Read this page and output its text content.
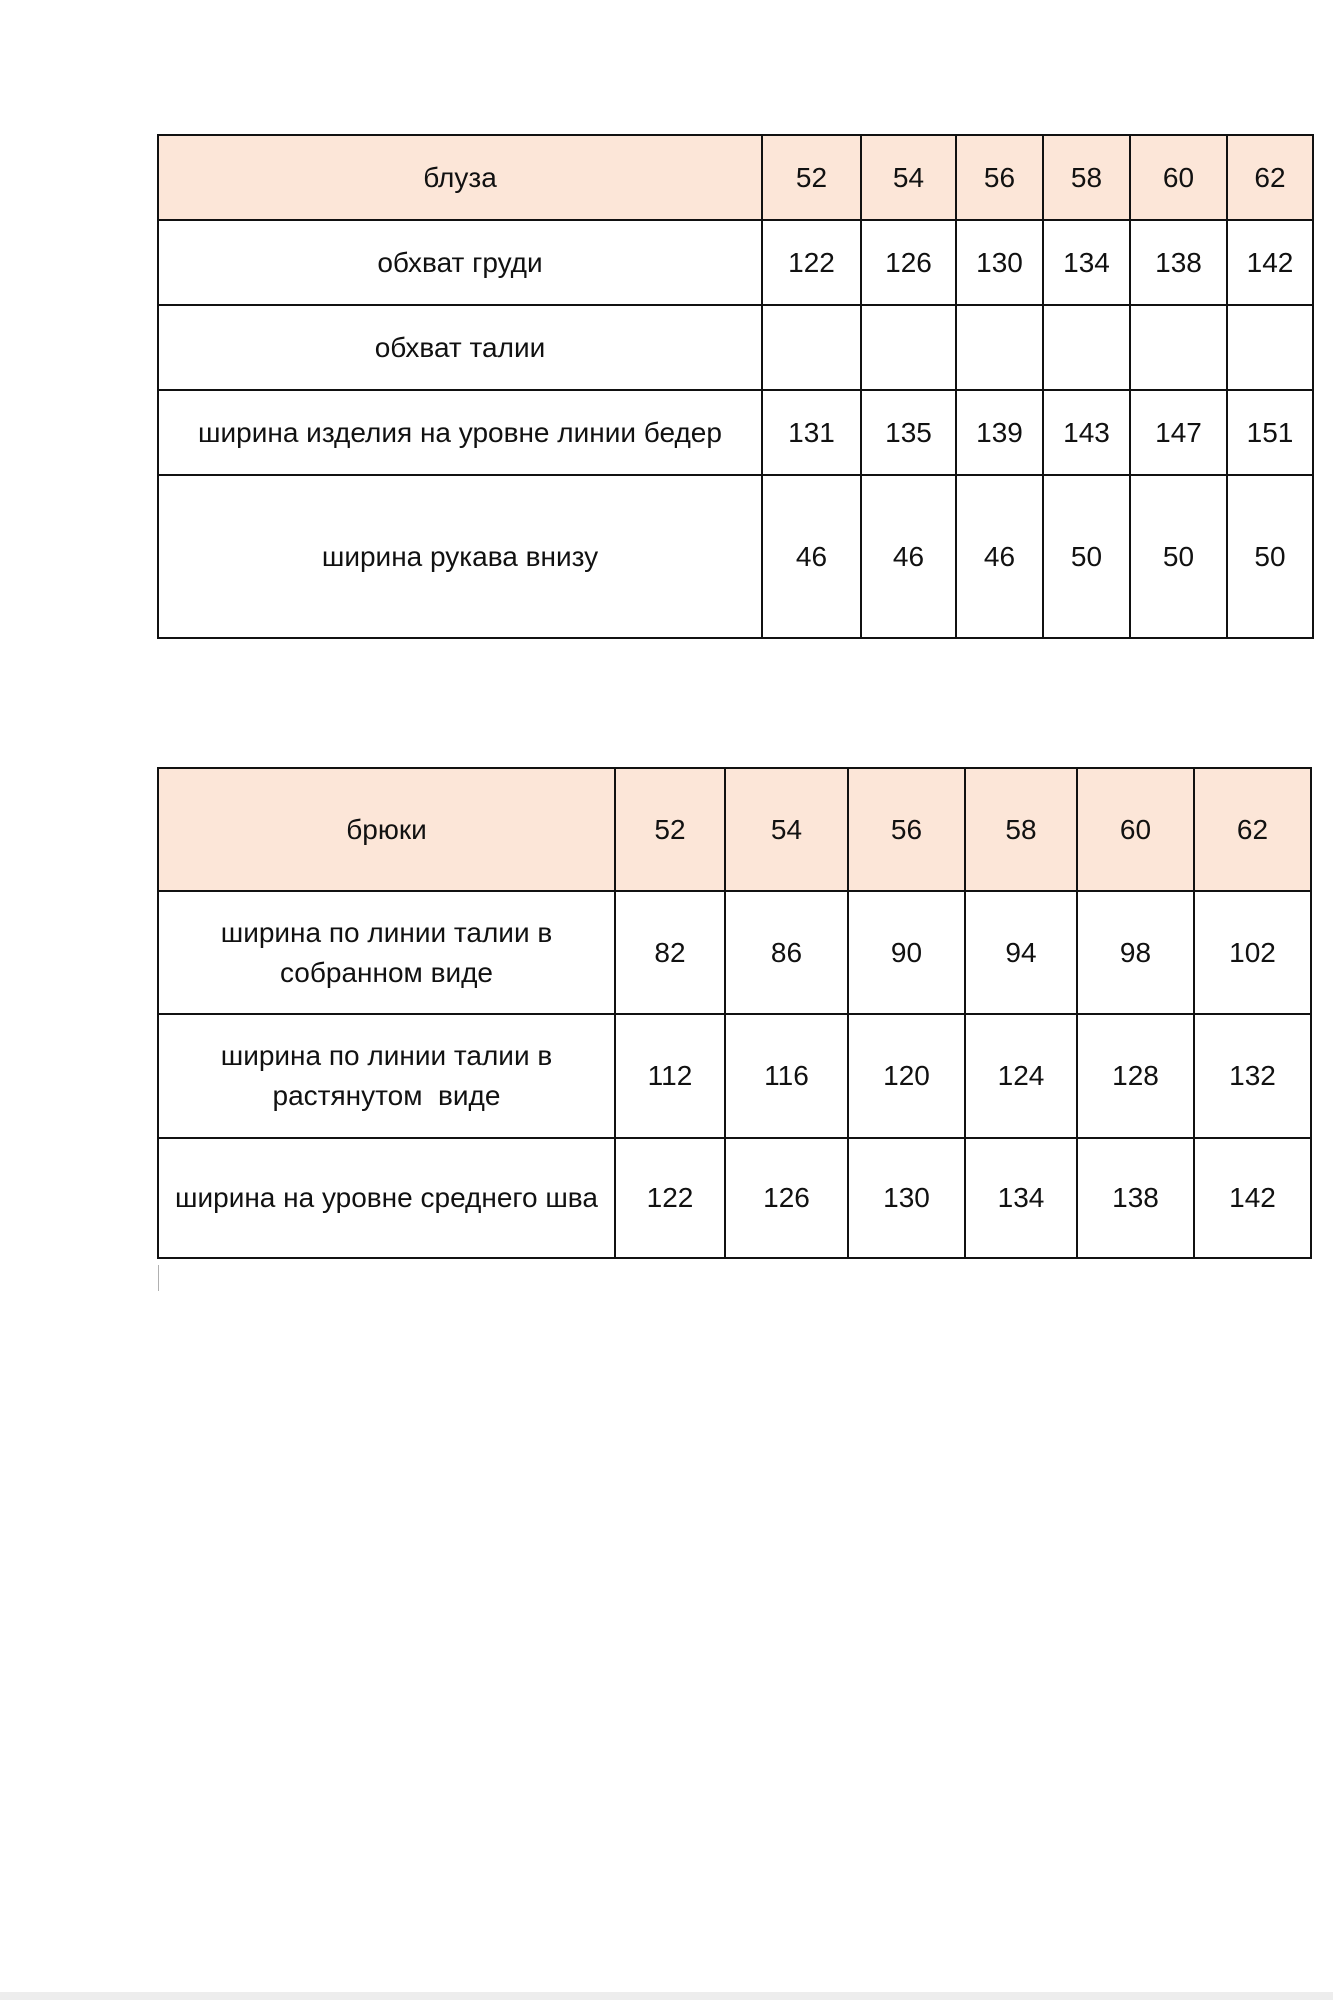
блуза	52	54	56	58	60	62
обхват груди	122	126	130	134	138	142
обхват талии						
ширина изделия на уровне линии бедер	131	135	139	143	147	151
ширина рукава внизу	46	46	46	50	50	50
брюки	52	54	56	58	60	62
ширина по линии талии в собранном виде	82	86	90	94	98	102
ширина по линии талии в растянутом  виде	112	116	120	124	128	132
ширина на уровне среднего шва	122	126	130	134	138	142
